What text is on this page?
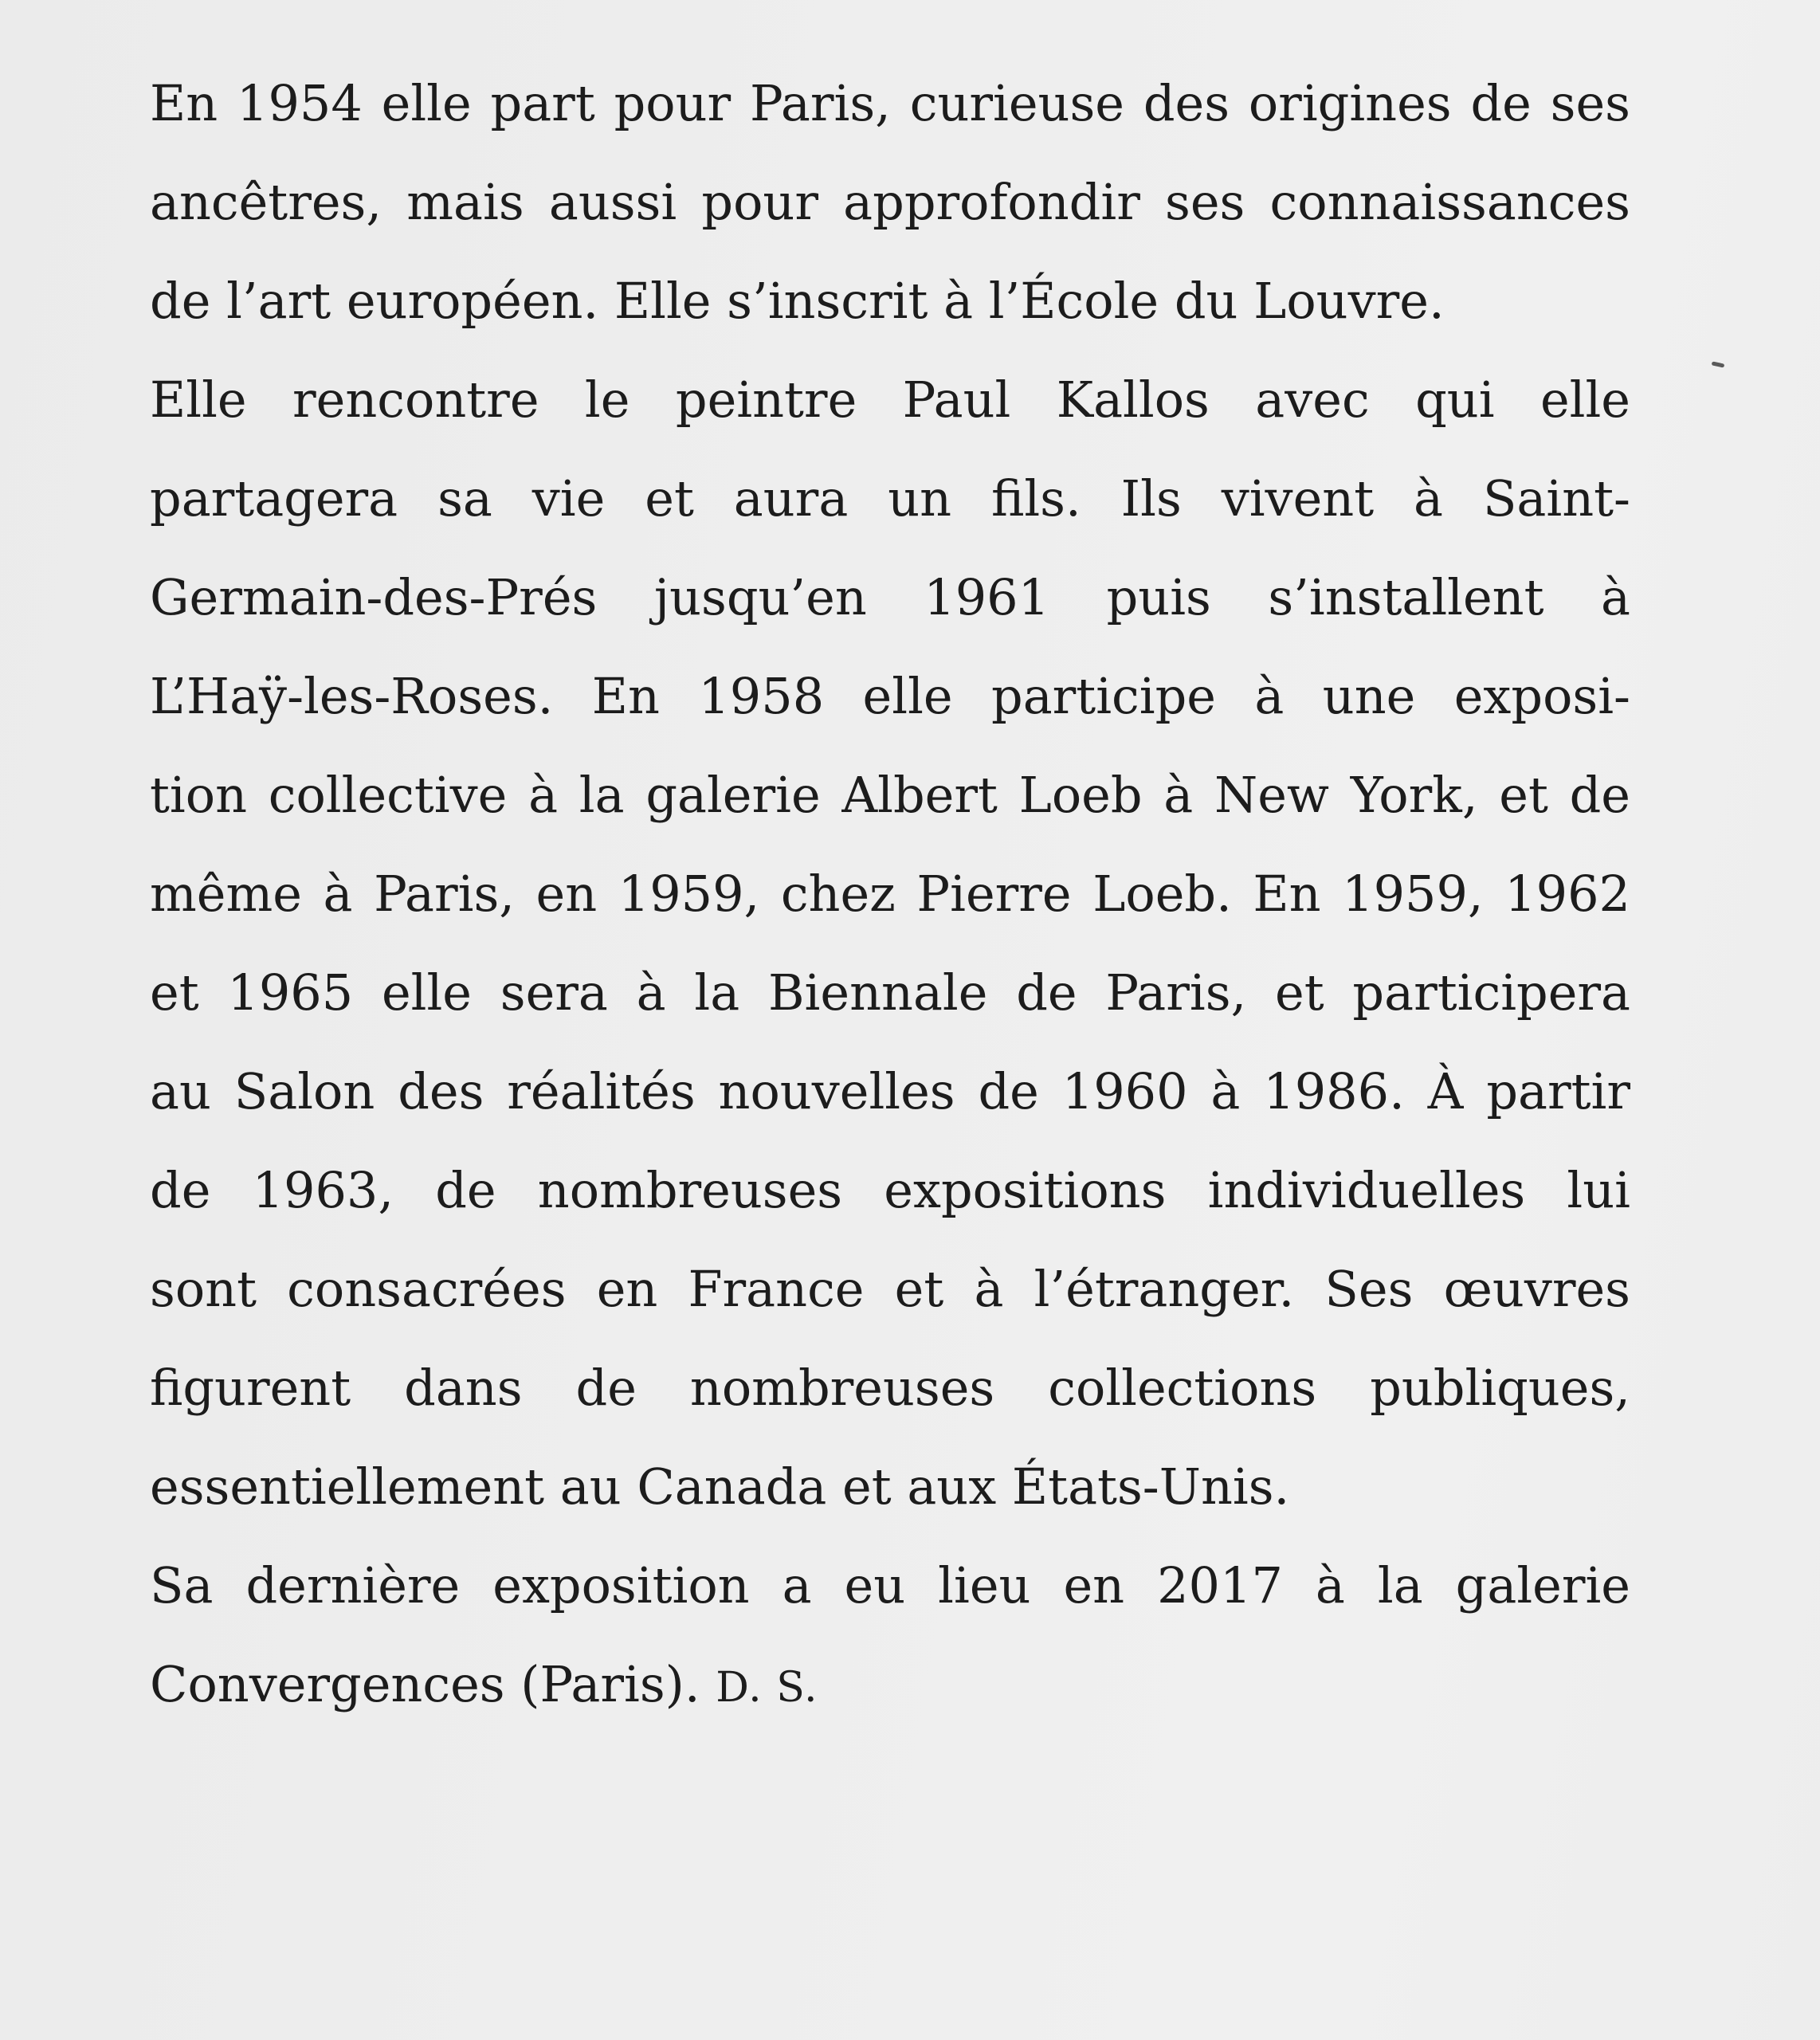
En 1954 elle part pour Paris, curieuse des origines de ses
ancêtres, mais aussi pour approfondir ses connaissances
de l’art européen. Elle s’inscrit à l’École du Louvre.

Elle rencontre le peintre Paul Kallos avec qui elle
partagera sa vie et aura un fils. Ils vivent à Saint-
Germain-des-Prés jusqu’en 1961 puis s’installent à
L’Haÿ-les-Roses. En 1958 elle participe à une exposi-
tion collective à la galerie Albert Loeb à New York, et de
même à Paris, en 1959, chez Pierre Loeb. En 1959, 1962
et 1965 elle sera à la Biennale de Paris, et participera
au Salon des réalités nouvelles de 1960 à 1986. À partir
de 1963, de nombreuses expositions individuelles lui
sont consacrées en France et à l’étranger. Ses œuvres
figurent dans de nombreuses collections publiques,
essentiellement au Canada et aux États-Unis.

Sa dernière exposition a eu lieu en 2017 à la galerie
Convergences (Paris). D. S.
